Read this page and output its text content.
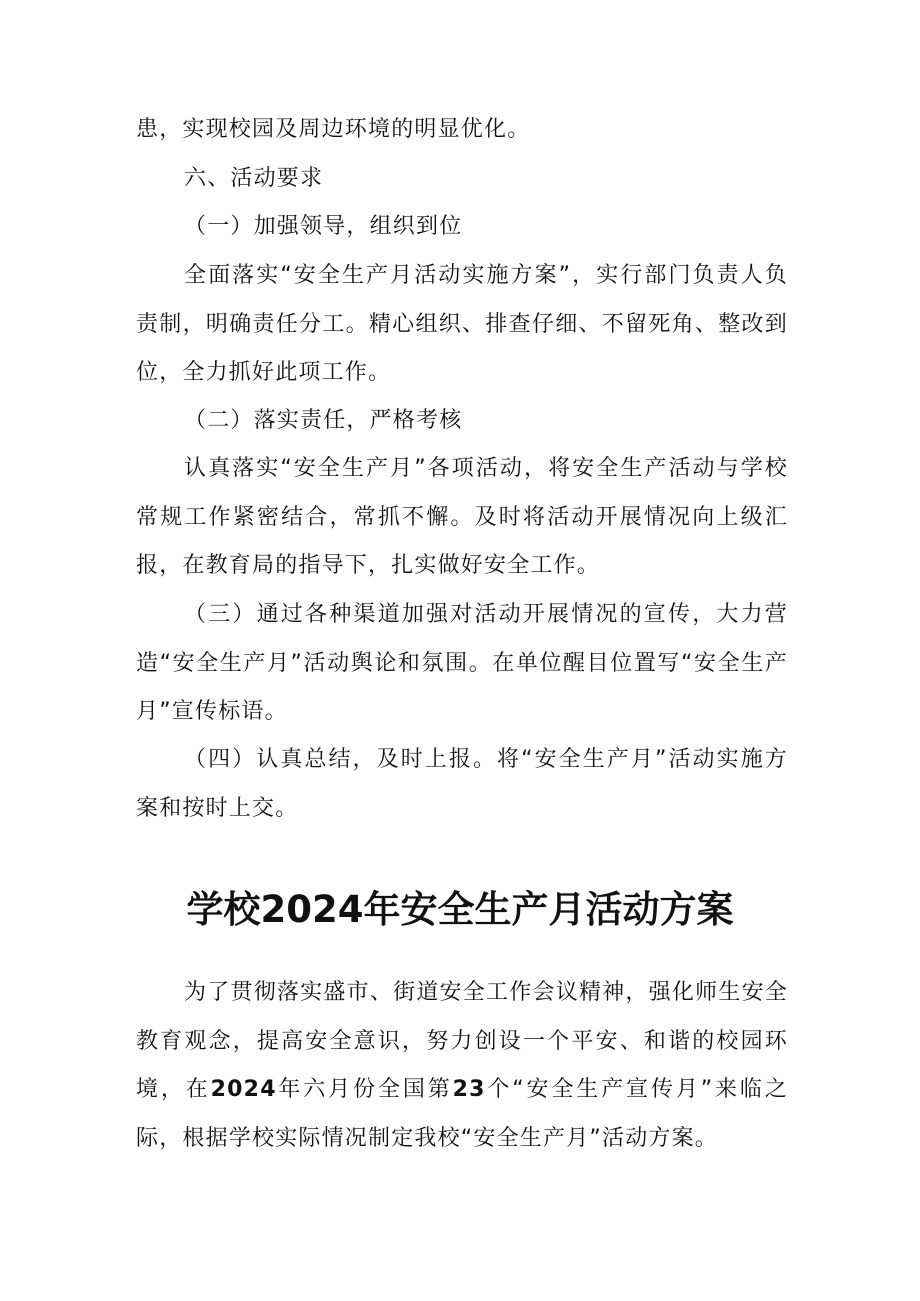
患，实现校园及周边环境的明显优化。

六、活动要求

（一）加强领导，组织到位

全面落实“安全生产月活动实施方案”，实行部门负责人负责制，明确责任分工。精心组织、排查仔细、不留死角、整改到位，全力抓好此项工作。

（二）落实责任，严格考核

认真落实“安全生产月”各项活动，将安全生产活动与学校常规工作紧密结合，常抓不懈。及时将活动开展情况向上级汇报，在教育局的指导下，扎实做好安全工作。

（三）通过各种渠道加强对活动开展情况的宣传，大力营造“安全生产月”活动舆论和氛围。在单位醒目位置写“安全生产月”宣传标语。

（四）认真总结，及时上报。将“安全生产月”活动实施方案和按时上交。

学校2024年安全生产月活动方案

为了贯彻落实盛市、街道安全工作会议精神，强化师生安全教育观念，提高安全意识，努力创设一个平安、和谐的校园环境，在2024年六月份全国第23个“安全生产宣传月”来临之际，根据学校实际情况制定我校“安全生产月”活动方案。
